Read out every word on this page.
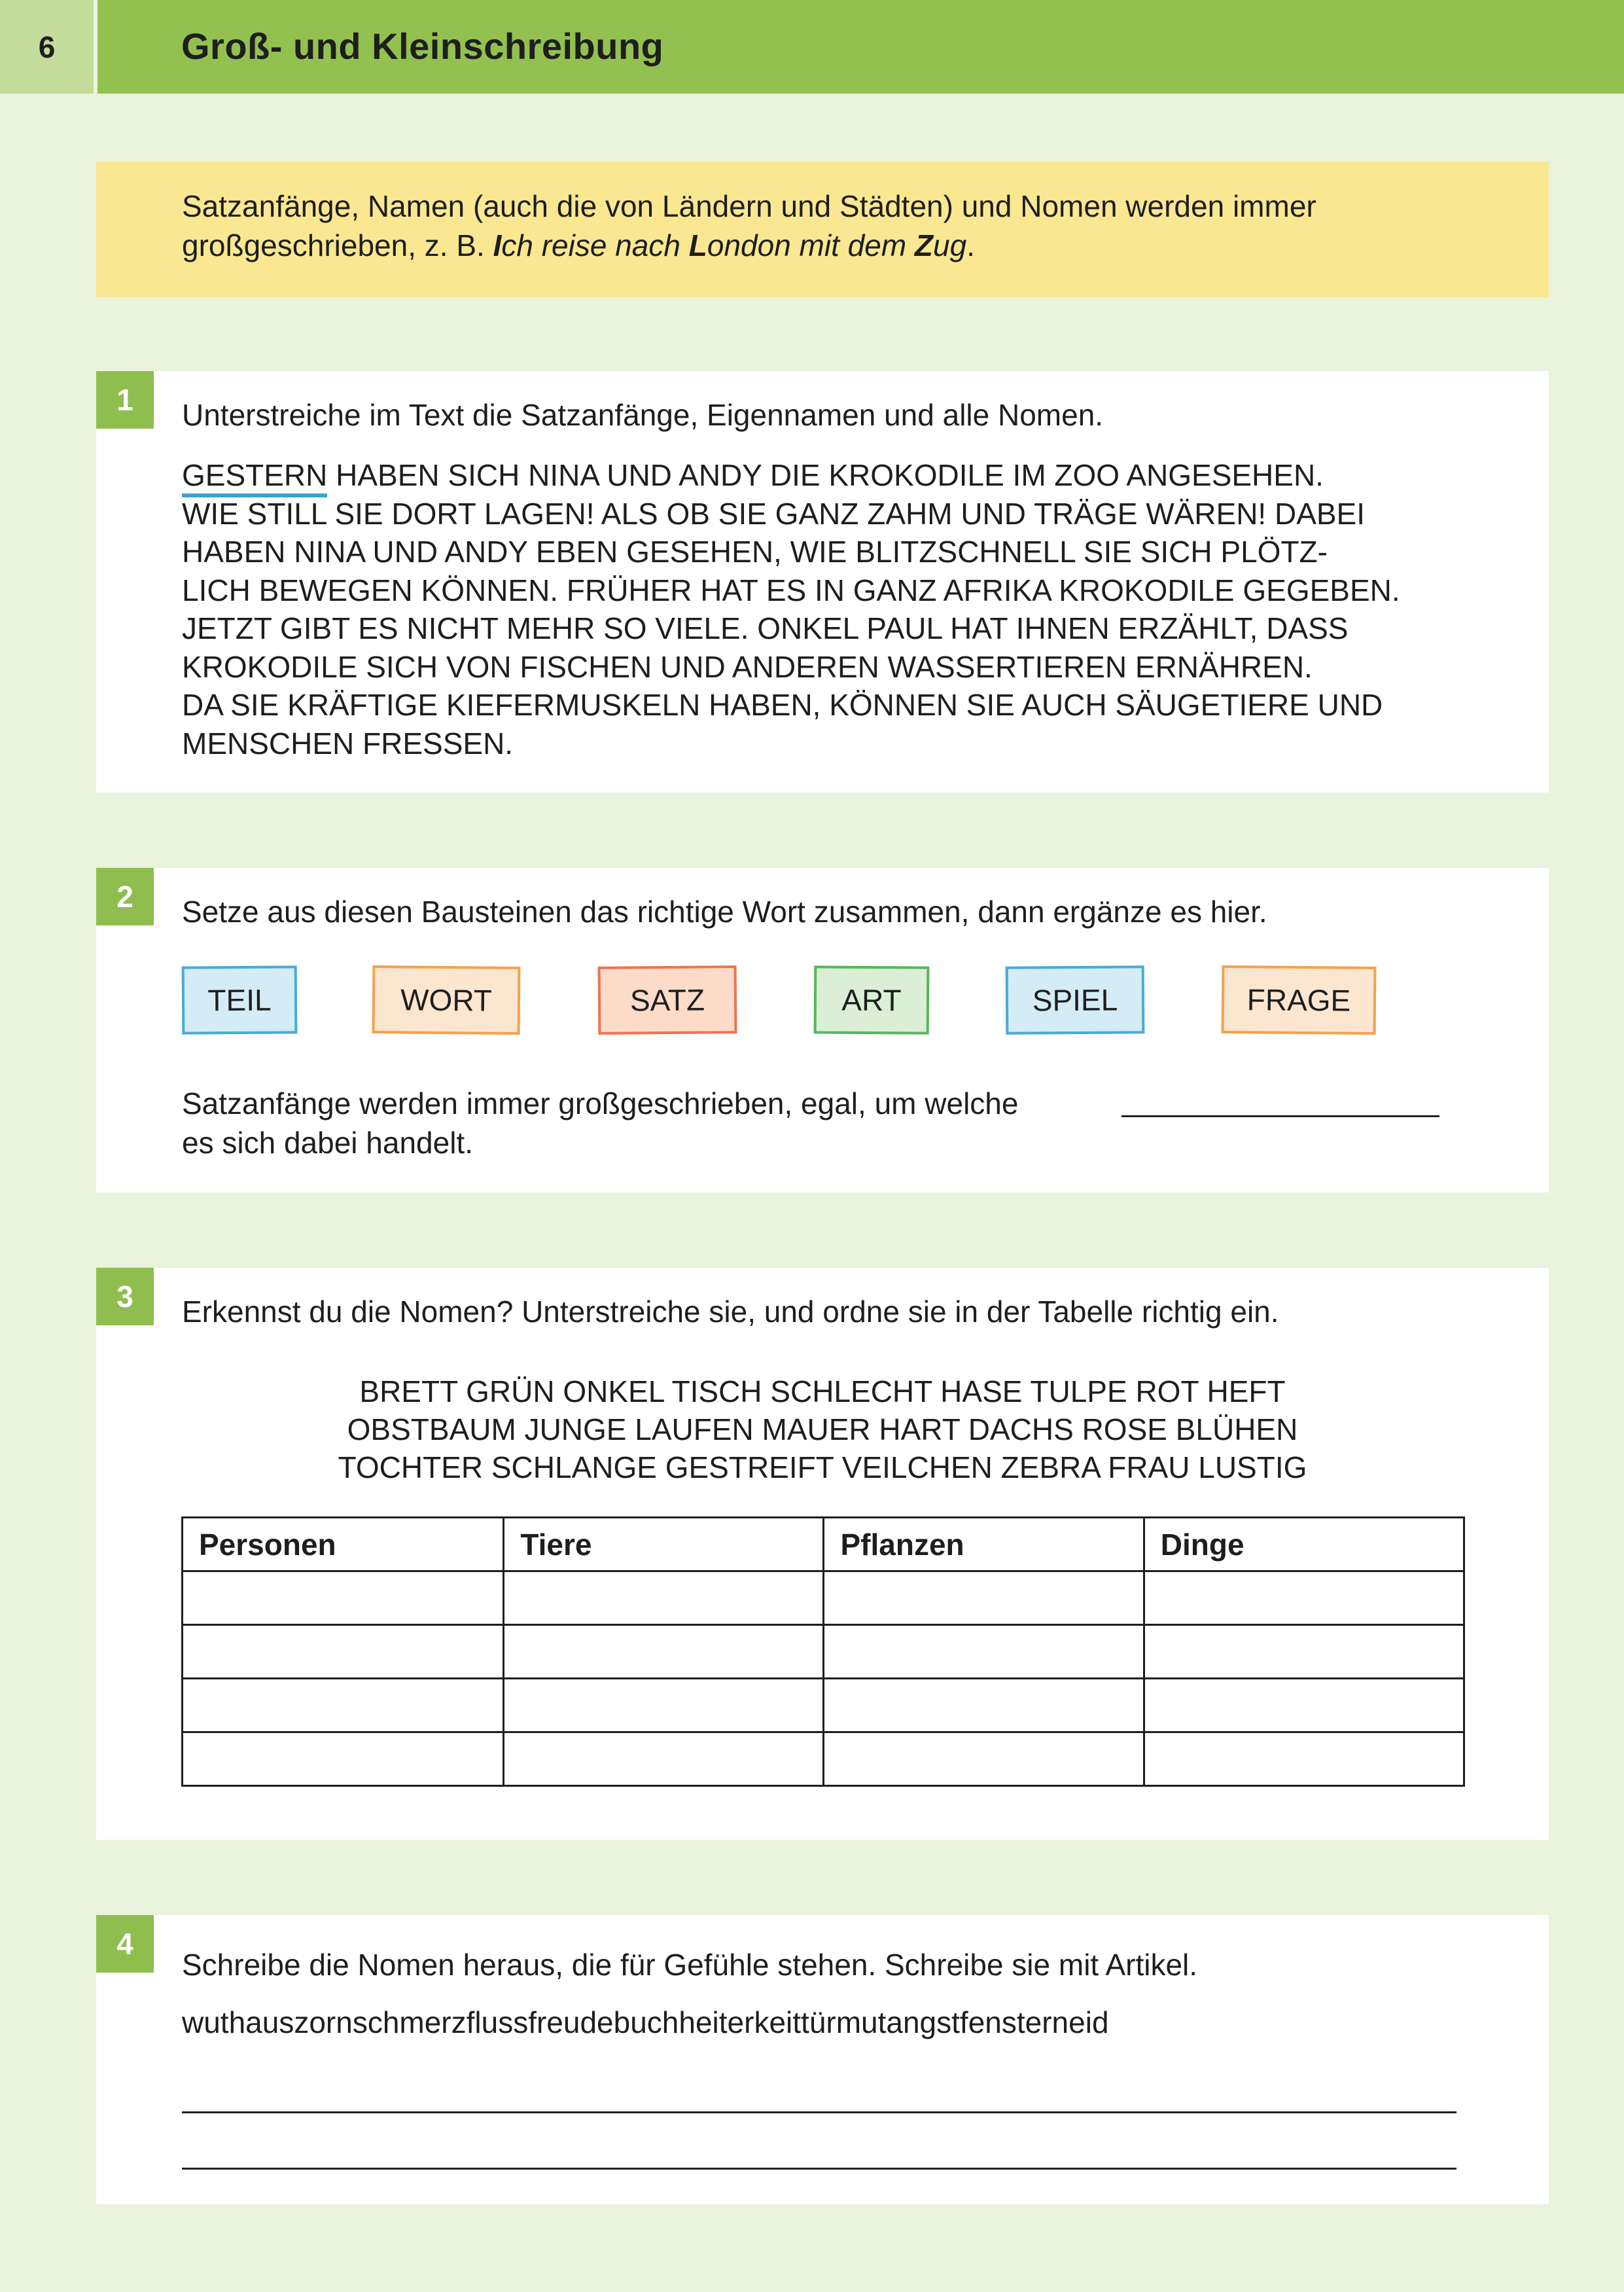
6	Groß- und Kleinschreibung

Satzanfänge, Namen (auch die von Ländern und Städten) und Nomen werden immer großgeschrieben, z. B. Ich reise nach London mit dem Zug.

1	Unterstreiche im Text die Satzanfänge, Eigennamen und alle Nomen.

GESTERN HABEN SICH NINA UND ANDY DIE KROKODILE IM ZOO ANGESEHEN.
WIE STILL SIE DORT LAGEN! ALS OB SIE GANZ ZAHM UND TRÄGE WÄREN! DABEI
HABEN NINA UND ANDY EBEN GESEHEN, WIE BLITZSCHNELL SIE SICH PLÖTZ-
LICH BEWEGEN KÖNNEN. FRÜHER HAT ES IN GANZ AFRIKA KROKODILE GEGEBEN.
JETZT GIBT ES NICHT MEHR SO VIELE. ONKEL PAUL HAT IHNEN ERZÄHLT, DASS
KROKODILE SICH VON FISCHEN UND ANDEREN WASSERTIEREN ERNÄHREN.
DA SIE KRÄFTIGE KIEFERMUSKELN HABEN, KÖNNEN SIE AUCH SÄUGETIERE UND
MENSCHEN FRESSEN.
2	Setze aus diesen Bausteinen das richtige Wort zusammen, dann ergänze es hier.

TEIL	WORT	SATZ	ART	SPIEL	FRAGE

Satzanfänge werden immer großgeschrieben, egal, um welche
es sich dabei handelt.

3	Erkennst du die Nomen? Unterstreiche sie, und ordne sie in der Tabelle richtig ein.

BRETT GRÜN ONKEL TISCH SCHLECHT HASE TULPE ROT HEFT
OBSTBAUM JUNGE LAUFEN MAUER HART DACHS ROSE BLÜHEN
TOCHTER SCHLANGE GESTREIFT VEILCHEN ZEBRA FRAU LUSTIG
Personen	Tiere	Pflanzen	Dinge

4

Schreibe die Nomen heraus, die für Gefühle stehen. Schreibe sie mit Artikel.

wuthauszornschmerzflussfreudebuchheiterkeittürmutangstfensterneid
